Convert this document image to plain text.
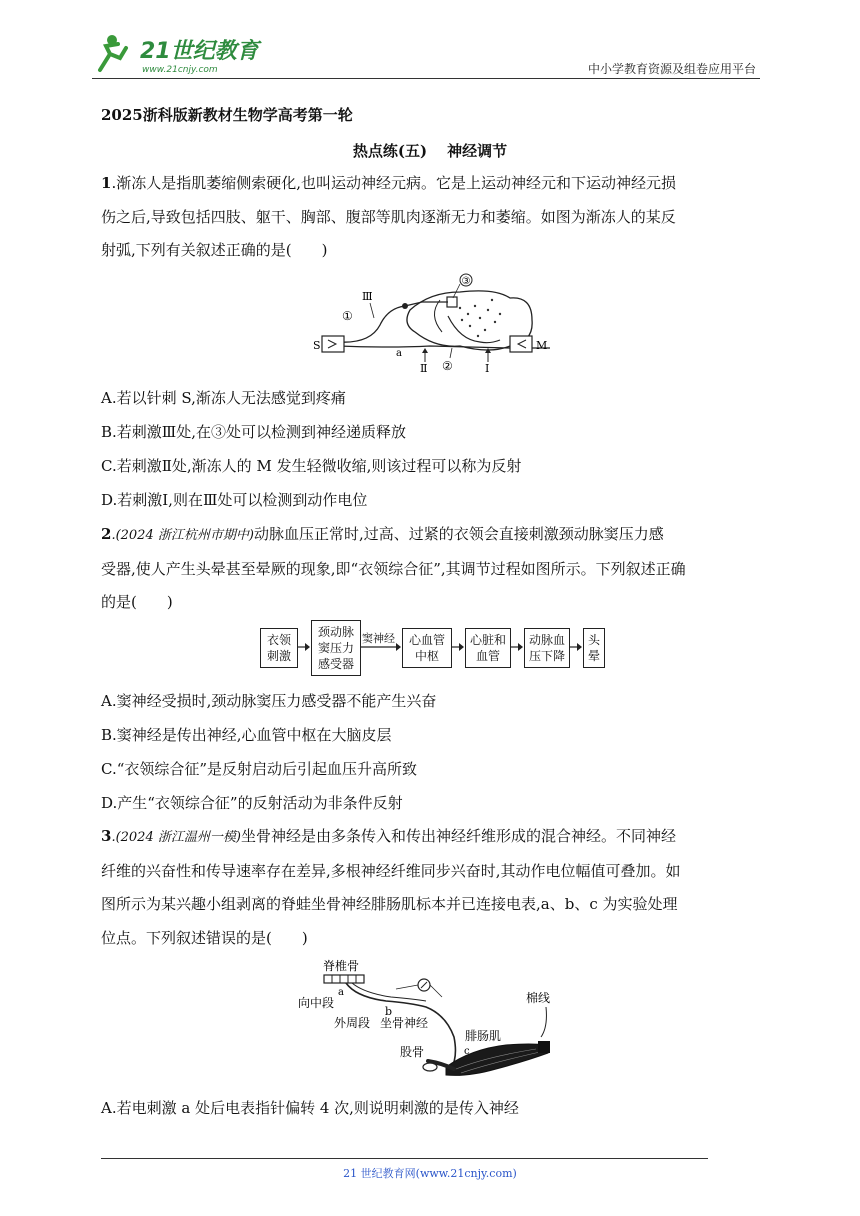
21世纪教育
www.21cnjy.com	中小学教育资源及组卷应用平台
2025浙科版新教材生物学高考第一轮
热点练(五) 神经调节
1.渐冻人是指肌萎缩侧索硬化,也叫运动神经元病。它是上运动神经元和下运动神经元损
伤之后,导致包括四肢、躯干、胸部、腹部等肌肉逐渐无力和萎缩。如图为渐冻人的某反
射弧,下列有关叙述正确的是(　　)
③
S	M
①
Ⅲ
a
Ⅱ ②	Ⅰ
A.若以针刺 S,渐冻人无法感觉到疼痛
B.若刺激Ⅲ处,在③处可以检测到神经递质释放
C.若刺激Ⅱ处,渐冻人的 M 发生轻微收缩,则该过程可以称为反射
D.若刺激Ⅰ,则在Ⅲ处可以检测到动作电位
2.(2024 浙江杭州市期中)动脉血压正常时,过高、过紧的衣领会直接刺激颈动脉窦压力感
受器,使人产生头晕甚至晕厥的现象,即“衣领综合征”,其调节过程如图所示。下列叙述正确
的是(　　)
衣领
刺激
颈动脉
窦压力
感受器
窦神经 心血管
中枢
心脏和
血管
动脉血
压下降
头
晕
A.窦神经受损时,颈动脉窦压力感受器不能产生兴奋
B.窦神经是传出神经,心血管中枢在大脑皮层
C.“衣领综合征”是反射启动后引起血压升高所致
D.产生“衣领综合征”的反射活动为非条件反射
3.(2024 浙江温州一模)坐骨神经是由多条传入和传出神经纤维形成的混合神经。不同神经
纤维的兴奋性和传导速率存在差异,多根神经纤维同步兴奋时,其动作电位幅值可叠加。如
图所示为某兴趣小组剥离的脊蛙坐骨神经腓肠肌标本并已连接电表,a、b、c 为实验处理
位点。下列叙述错误的是(　　)
脊椎骨
a
向中段
b
外周段 坐骨神经
腓肠肌
棉线
股骨	c
A.若电刺激 a 处后电表指针偏转 4 次,则说明刺激的是传入神经
21 世纪教育网(www.21cnjy.com)
